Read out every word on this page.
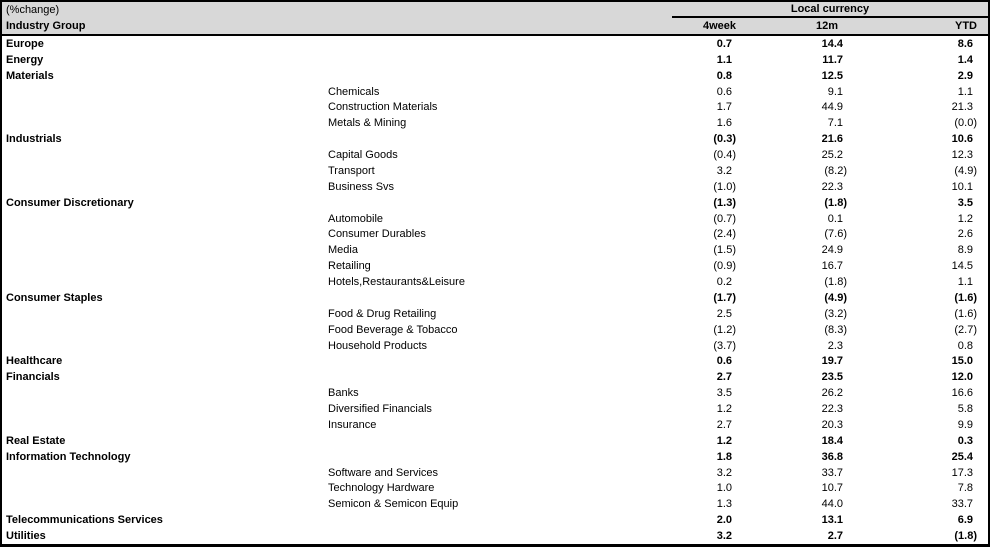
(%change)	Local currency
Industry Group	4week	12m	YTD
Europe	0.7	14.4	8.6
Energy	1.1	11.7	1.4
Materials	0.8	12.5	2.9
Chemicals	0.6	9.1	1.1
Construction Materials	1.7	44.9	21.3
Metals & Mining	1.6	7.1	(0.0)
Industrials	(0.3)	21.6	10.6
Capital Goods	(0.4)	25.2	12.3
Transport	3.2	(8.2)	(4.9)
Business Svs	(1.0)	22.3	10.1
Consumer Discretionary	(1.3)	(1.8)	3.5
Automobile	(0.7)	0.1	1.2
Consumer Durables	(2.4)	(7.6)	2.6
Media	(1.5)	24.9	8.9
Retailing	(0.9)	16.7	14.5
Hotels,Restaurants&Leisure	0.2	(1.8)	1.1
Consumer Staples	(1.7)	(4.9)	(1.6)
Food & Drug Retailing	2.5	(3.2)	(1.6)
Food Beverage & Tobacco	(1.2)	(8.3)	(2.7)
Household Products	(3.7)	2.3	0.8
Healthcare	0.6	19.7	15.0
Financials	2.7	23.5	12.0
Banks	3.5	26.2	16.6
Diversified Financials	1.2	22.3	5.8
Insurance	2.7	20.3	9.9
Real Estate	1.2	18.4	0.3
Information Technology	1.8	36.8	25.4
Software and Services	3.2	33.7	17.3
Technology Hardware	1.0	10.7	7.8
Semicon & Semicon Equip	1.3	44.0	33.7
Telecommunications Services	2.0	13.1	6.9
Utilities	3.2	2.7	(1.8)
